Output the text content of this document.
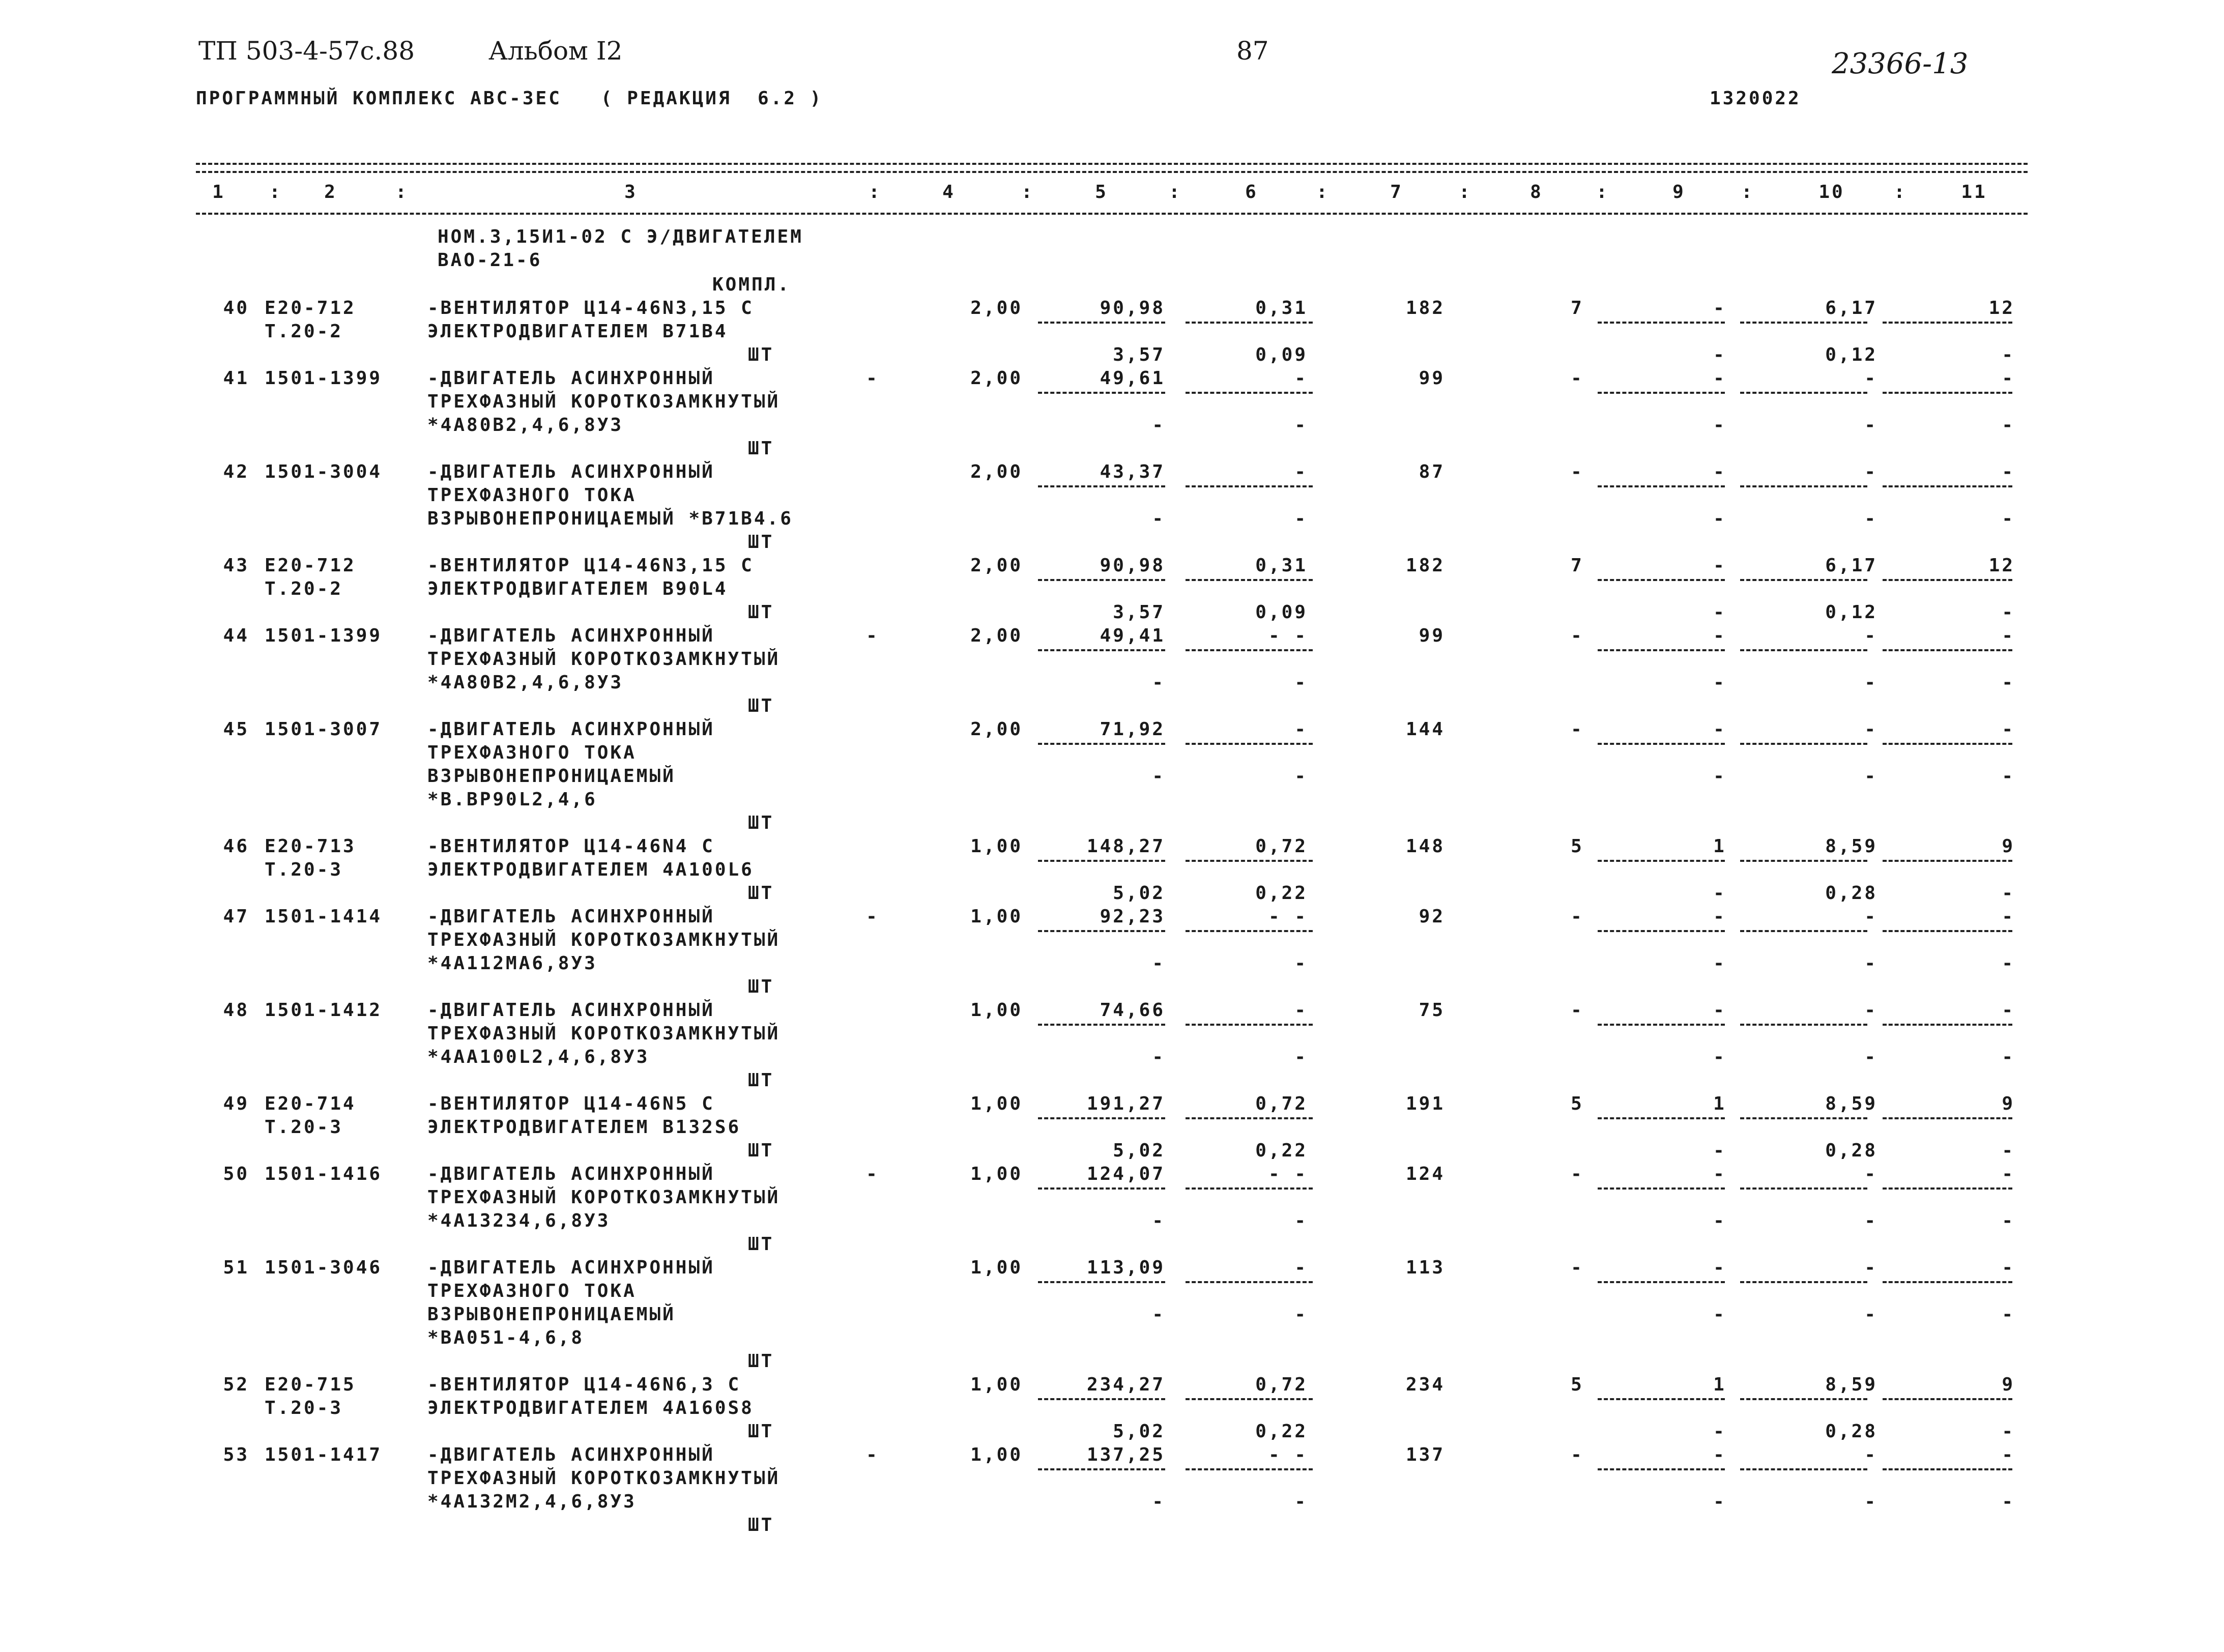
ТП 503-4-57с.88	Альбом I2	87	23366-13
ПРОГРАММНЫЙ КОМПЛЕКС АВС-3ЕС   ( РЕДАКЦИЯ  6.2 )	1320022
1	2	3	4	5	6	7	8	9	10	11
:	:	:	:	:	:	:	:	:	:
НОМ.3,15И1-02 С Э/ДВИГАТЕЛЕМ
ВАО-21-6
КОМПЛ.
40 Е20-712
Т.20-2
-ВЕНТИЛЯТОР Ц14-46N3,15 С
ЭЛЕКТРОДВИГАТЕЛЕМ В71В4
2,00	90,98	0,31	182	7	-	6,17	12
3,57	0,09	-	0,12	-
ШТ
41 1501-1399 -ДВИГАТЕЛЬ АСИНХРОННЫЙ
ТРЕХФАЗНЫЙ КОРОТКОЗАМКНУТЫЙ
*4А80В2,4,6,8У3
-	2,00	49,61	-	99	-	-	-	-
-	-	-	-	-
ШТ
42 1501-3004 -ДВИГАТЕЛЬ АСИНХРОННЫЙ
ТРЕХФАЗНОГО ТОКА
ВЗРЫВОНЕПРОНИЦАЕМЫЙ *В71В4.6
2,00	43,37	-	87	-	-	-	-
-	-	-	-	-
ШТ
43 Е20-712
Т.20-2
-ВЕНТИЛЯТОР Ц14-46N3,15 С
ЭЛЕКТРОДВИГАТЕЛЕМ В90L4
2,00	90,98	0,31	182	7	-	6,17	12
3,57	0,09	-	0,12	-
ШТ
44 1501-1399 -ДВИГАТЕЛЬ АСИНХРОННЫЙ
ТРЕХФАЗНЫЙ КОРОТКОЗАМКНУТЫЙ
*4А80В2,4,6,8У3
-	2,00	49,41	- -	99	-	-	-	-
-	-	-	-	-
ШТ
45 1501-3007 -ДВИГАТЕЛЬ АСИНХРОННЫЙ
ТРЕХФАЗНОГО ТОКА
ВЗРЫВОНЕПРОНИЦАЕМЫЙ
*В.ВР90L2,4,6
2,00	71,92	-	144	-	-	-	-
-	-	-	-	-
ШТ
46 Е20-713
Т.20-3
-ВЕНТИЛЯТОР Ц14-46N4 С
ЭЛЕКТРОДВИГАТЕЛЕМ 4А100L6
1,00	148,27	0,72	148	5	1	8,59	9
5,02	0,22	-	0,28	-
ШТ
47 1501-1414 -ДВИГАТЕЛЬ АСИНХРОННЫЙ
ТРЕХФАЗНЫЙ КОРОТКОЗАМКНУТЫЙ
*4А112МА6,8У3
-	1,00	92,23	- -	92	-	-	-	-
-	-	-	-	-
ШТ
48 1501-1412 -ДВИГАТЕЛЬ АСИНХРОННЫЙ
ТРЕХФАЗНЫЙ КОРОТКОЗАМКНУТЫЙ
*4АА100L2,4,6,8У3
1,00	74,66	-	75	-	-	-	-
-	-	-	-	-
ШТ
49 Е20-714
Т.20-3
-ВЕНТИЛЯТОР Ц14-46N5 С
ЭЛЕКТРОДВИГАТЕЛЕМ В132S6
1,00	191,27	0,72	191	5	1	8,59	9
5,02	0,22	-	0,28	-
ШТ
50 1501-1416 -ДВИГАТЕЛЬ АСИНХРОННЫЙ
ТРЕХФАЗНЫЙ КОРОТКОЗАМКНУТЫЙ
*4А13234,6,8У3
-	1,00	124,07	- -	124	-	-	-	-
-	-	-	-	-
ШТ
51 1501-3046 -ДВИГАТЕЛЬ АСИНХРОННЫЙ
ТРЕХФАЗНОГО ТОКА
ВЗРЫВОНЕПРОНИЦАЕМЫЙ
*ВА051-4,6,8
1,00	113,09	-	113	-	-	-	-
-	-	-	-	-
ШТ
52 Е20-715
Т.20-3
-ВЕНТИЛЯТОР Ц14-46N6,3 С
ЭЛЕКТРОДВИГАТЕЛЕМ 4А160S8
1,00	234,27	0,72	234	5	1	8,59	9
5,02	0,22	-	0,28	-
ШТ
53 1501-1417 -ДВИГАТЕЛЬ АСИНХРОННЫЙ
ТРЕХФАЗНЫЙ КОРОТКОЗАМКНУТЫЙ
*4А132М2,4,6,8У3
-	1,00	137,25	- -	137	-	-	-	-
-	-	-	-	-
ШТ
